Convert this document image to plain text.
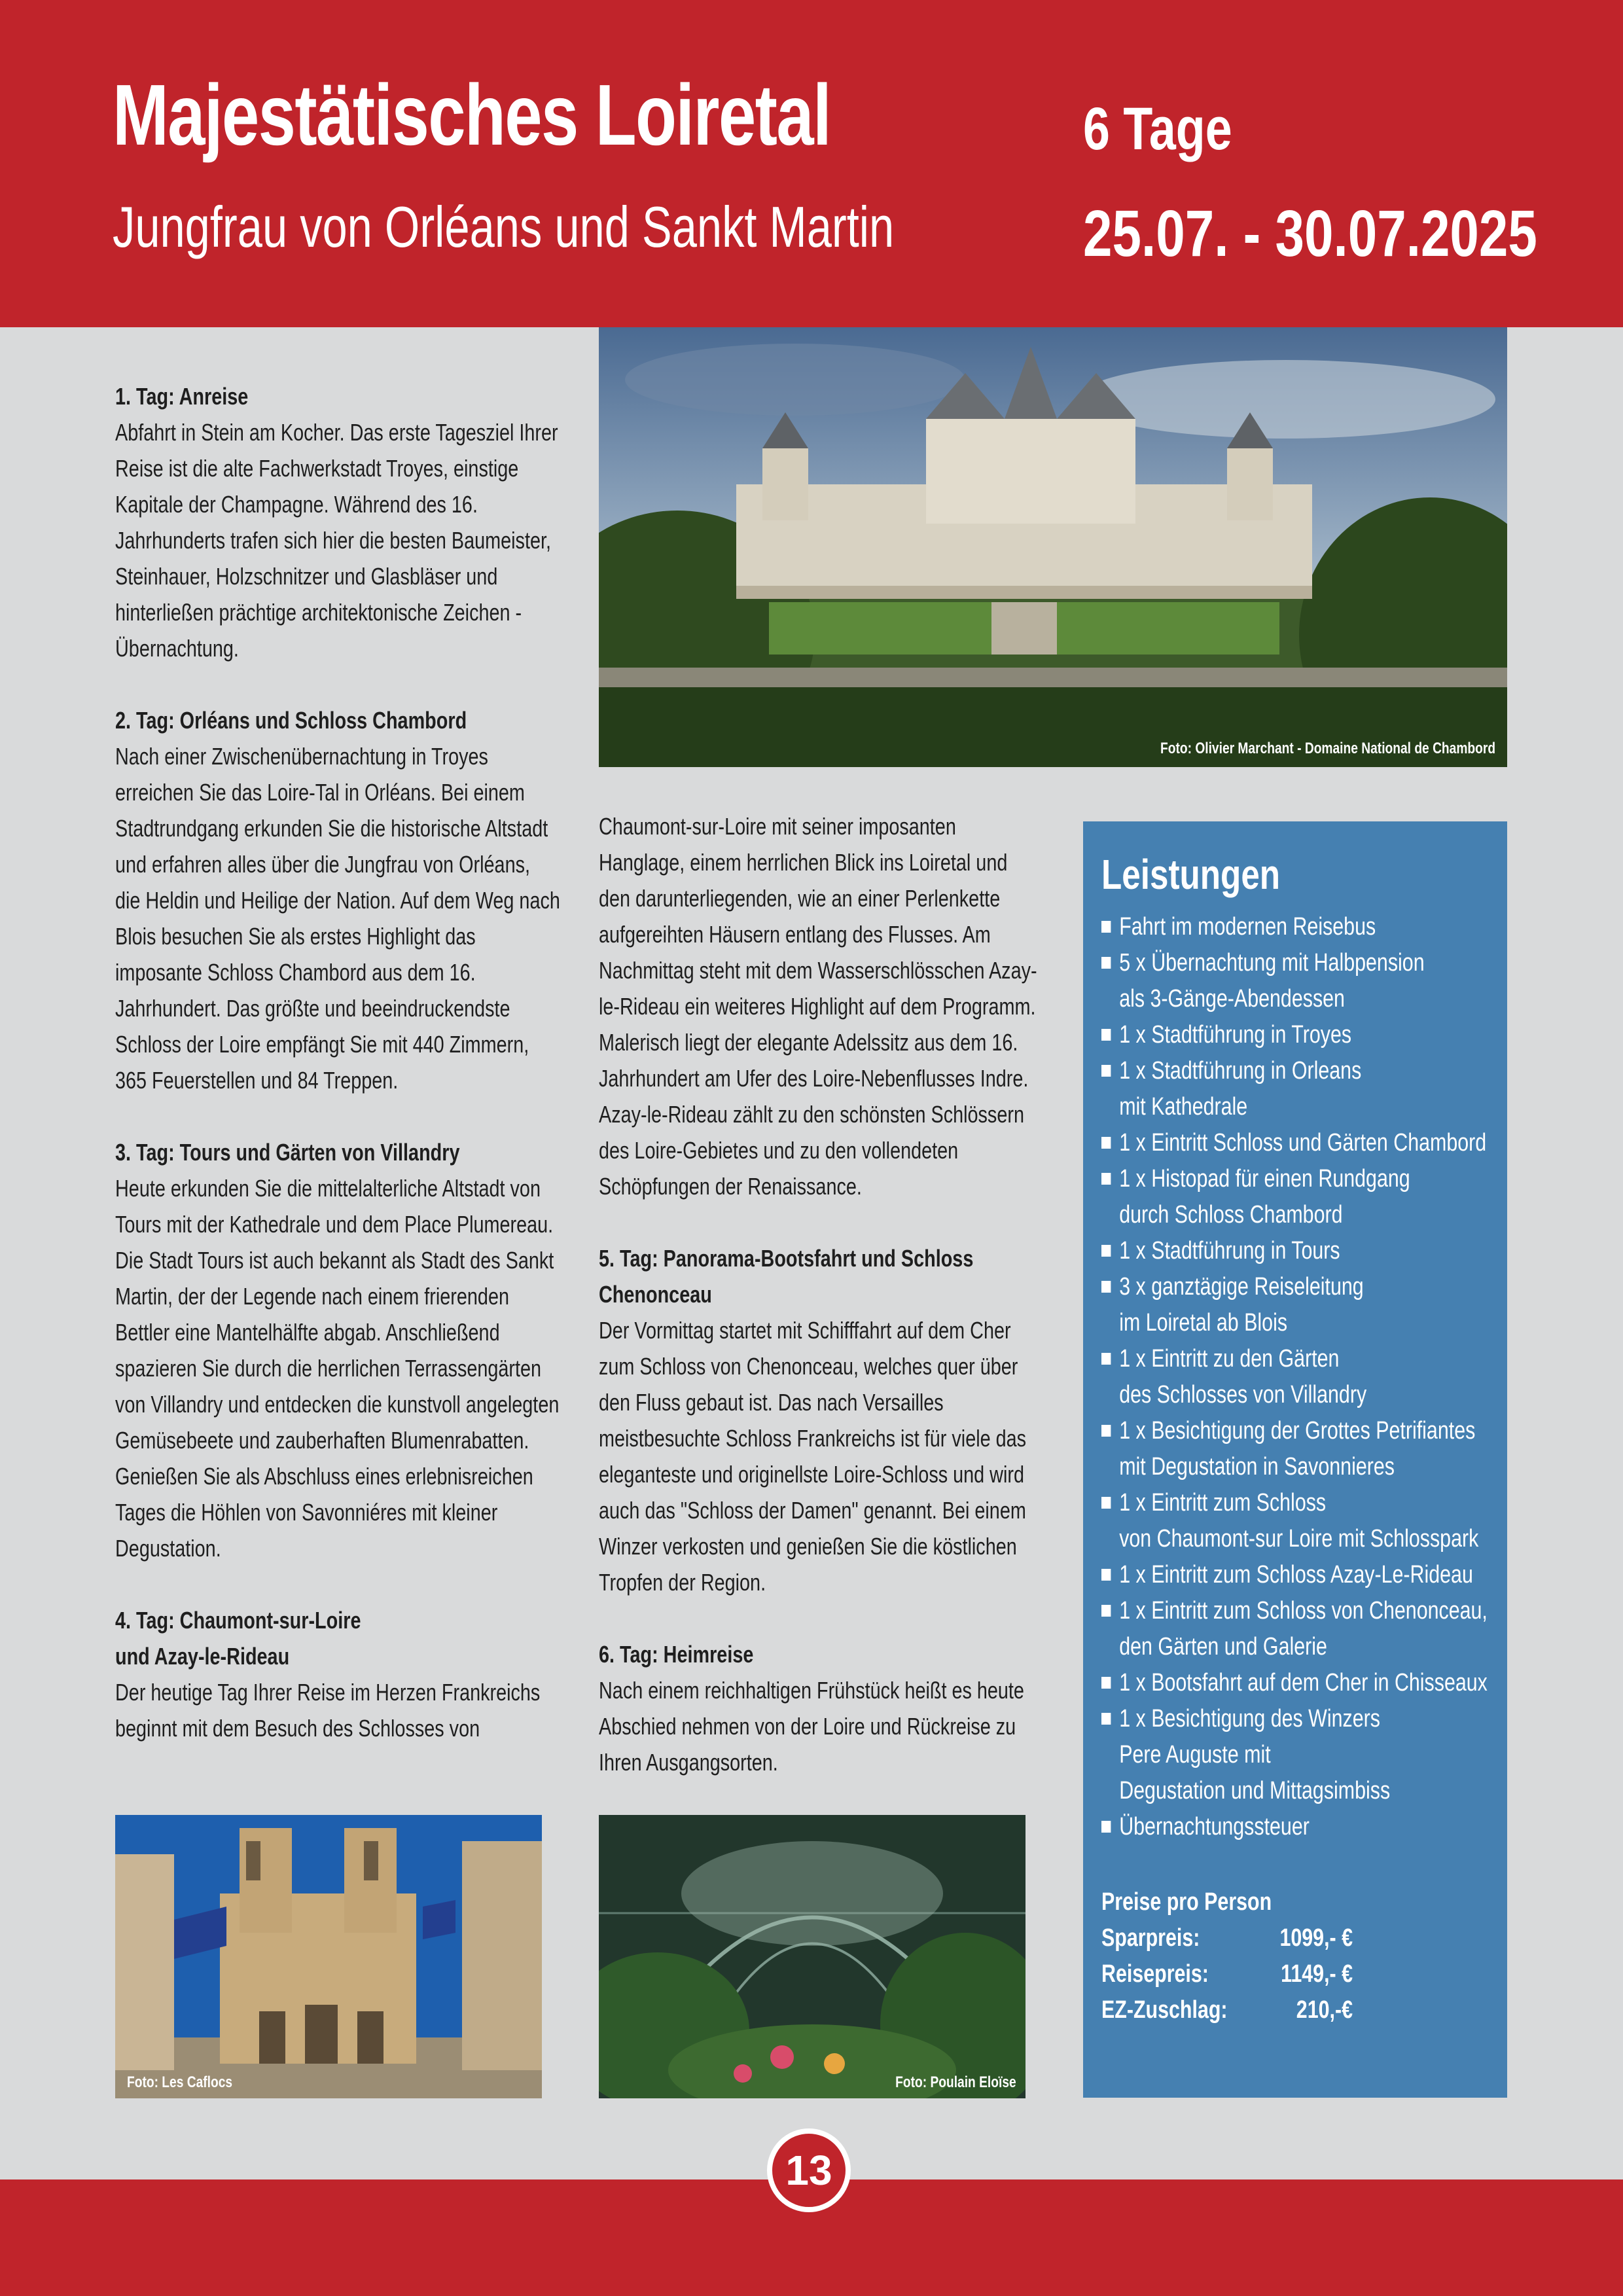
Majestätisches Loiretal
Jungfrau von Orléans und Sankt Martin
6 Tage
25.07. - 30.07.2025
Foto: Olivier Marchant - Domaine National de Chambord

1. Tag: Anreise
Abfahrt in Stein am Kocher. Das erste Tagesziel Ihrer Reise ist die alte Fachwerkstadt Troyes, einstige Kapitale der Champagne. Während des 16. Jahrhunderts trafen sich hier die besten Baumeister, Steinhauer, Holzschnitzer und Glasbläser und hinterließen prächtige architektonische Zeichen - Übernachtung.

2. Tag: Orléans und Schloss Chambord
Nach einer Zwischenübernachtung in Troyes erreichen Sie das Loire-Tal in Orléans. Bei einem Stadtrundgang erkunden Sie die historische Altstadt und erfahren alles über die Jungfrau von Orléans, die Heldin und Heilige der Nation. Auf dem Weg nach Blois besuchen Sie als erstes Highlight das imposante Schloss Chambord aus dem 16. Jahrhundert. Das größte und beeindruckendste Schloss der Loire empfängt Sie mit 440 Zimmern, 365 Feuerstellen und 84 Treppen.

3. Tag: Tours und Gärten von Villandry
Heute erkunden Sie die mittelalterliche Altstadt von Tours mit der Kathedrale und dem Place Plumereau. Die Stadt Tours ist auch bekannt als Stadt des Sankt Martin, der der Legende nach einem frierenden Bettler eine Mantelhälfte abgab. Anschließend spazieren Sie durch die herrlichen Terrassengärten von Villandry und entdecken die kunstvoll angelegten Gemüsebeete und zauberhaften Blumenrabatten. Genießen Sie als Abschluss eines erlebnisreichen Tages die Höhlen von Savonniéres mit kleiner Degustation.

4. Tag: Chaumont-sur-Loire
und Azay-le-Rideau
Der heutige Tag Ihrer Reise im Herzen Frankreichs beginnt mit dem Besuch des Schlosses von

Chaumont-sur-Loire mit seiner imposanten Hanglage, einem herrlichen Blick ins Loiretal und den darunterliegenden, wie an einer Perlenkette aufgereihten Häusern entlang des Flusses. Am Nachmittag steht mit dem Wasserschlösschen Azay-le-Rideau ein weiteres Highlight auf dem Programm. Malerisch liegt der elegante Adelssitz aus dem 16. Jahrhundert am Ufer des Loire-Nebenflusses Indre. Azay-le-Rideau zählt zu den schönsten Schlössern des Loire-Gebietes und zu den vollendeten Schöpfungen der Renaissance.

5. Tag: Panorama-Bootsfahrt und Schloss Chenonceau
Der Vormittag startet mit Schifffahrt auf dem Cher zum Schloss von Chenonceau, welches quer über den Fluss gebaut ist. Das nach Versailles meistbesuchte Schloss Frankreichs ist für viele das eleganteste und originellste Loire-Schloss und wird auch das "Schloss der Damen" genannt. Bei einem Winzer verkosten und genießen Sie die köstlichen Tropfen der Region.

6. Tag: Heimreise
Nach einem reichhaltigen Frühstück heißt es heute Abschied nehmen von der Loire und Rückreise zu Ihren Ausgangsorten.

Foto: Les Caflocs	Foto: Poulain Eloïse
Leistungen
Fahrt im modernen Reisebus
5 x Übernachtung mit Halbpension
als 3-Gänge-Abendessen
1 x Stadtführung in Troyes
1 x Stadtführung in Orleans
mit Kathedrale
1 x Eintritt Schloss und Gärten Chambord
1 x Histopad für einen Rundgang
durch Schloss Chambord
1 x Stadtführung in Tours
3 x ganztägige Reiseleitung
im Loiretal ab Blois
1 x Eintritt zu den Gärten
des Schlosses von Villandry
1 x Besichtigung der Grottes Petrifiantes
mit Degustation in Savonnieres
1 x Eintritt zum Schloss
von Chaumont-sur Loire mit Schlosspark
1 x Eintritt zum Schloss Azay-Le-Rideau
1 x Eintritt zum Schloss von Chenonceau,
den Gärten und Galerie
1 x Bootsfahrt auf dem Cher in Chisseaux
1 x Besichtigung des Winzers
Pere Auguste mit
Degustation und Mittagsimbiss
Übernachtungssteuer
Preise pro Person
Sparpreis:	1099,- €
Reisepreis:	1149,- €
EZ-Zuschlag:	210,-€
13
